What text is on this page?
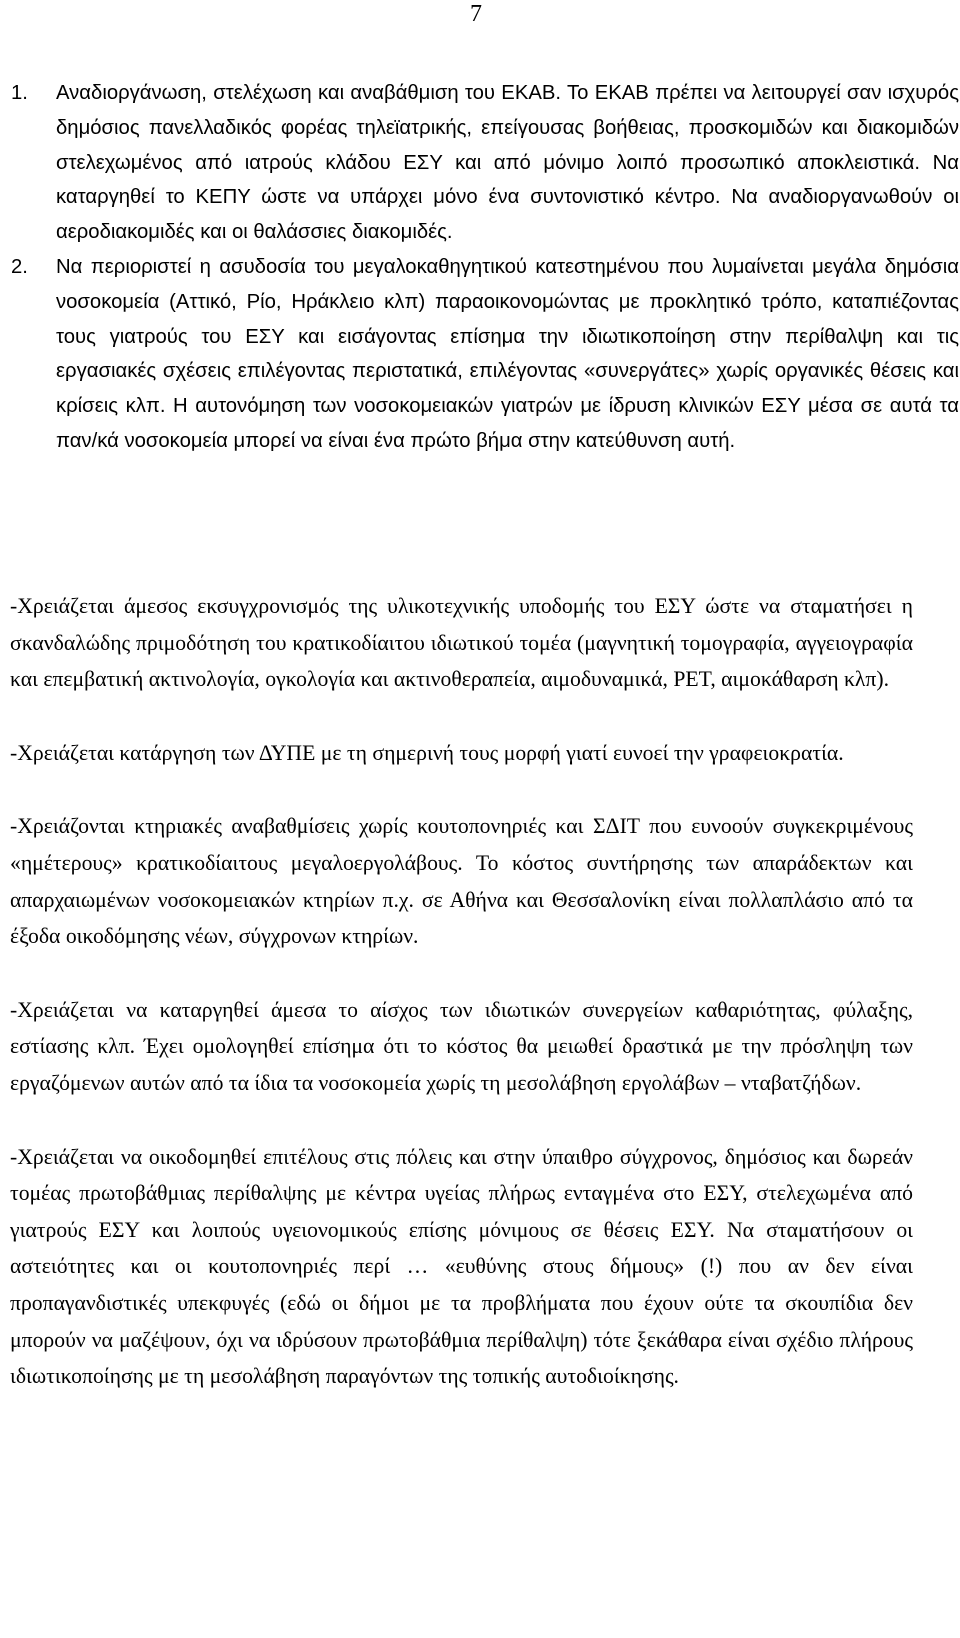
7
1. Αναδιοργάνωση, στελέχωση και αναβάθμιση του ΕΚΑΒ. Το ΕΚΑΒ πρέπει να λειτουργεί σαν ισχυρός δημόσιος πανελλαδικός φορέας τηλεϊατρικής, επείγουσας βοήθειας, προσκομιδών και διακομιδών στελεχωμένος από ιατρούς κλάδου ΕΣΥ και από μόνιμο λοιπό προσωπικό αποκλειστικά. Να καταργηθεί το ΚΕΠΥ ώστε να υπάρχει μόνο ένα συντονιστικό κέντρο. Να αναδιοργανωθούν οι αεροδιακομιδές και οι θαλάσσιες διακομιδές.
2. Να περιοριστεί η ασυδοσία του μεγαλοκαθηγητικού κατεστημένου που λυμαίνεται μεγάλα δημόσια νοσοκομεία (Αττικό, Ρίο, Ηράκλειο κλπ) παραοικονομώντας με προκλητικό τρόπο, καταπιέζοντας τους γιατρούς του ΕΣΥ και εισάγοντας επίσημα την ιδιωτικοποίηση στην περίθαλψη και τις εργασιακές σχέσεις επιλέγοντας περιστατικά, επιλέγοντας «συνεργάτες» χωρίς οργανικές θέσεις και κρίσεις κλπ. Η αυτονόμηση των νοσοκομειακών γιατρών με ίδρυση κλινικών ΕΣΥ μέσα σε αυτά τα παν/κά νοσοκομεία μπορεί να είναι ένα πρώτο βήμα στην κατεύθυνση αυτή.

-Χρειάζεται άμεσος εκσυγχρονισμός της υλικοτεχνικής υποδομής του ΕΣΥ ώστε να σταματήσει η σκανδαλώδης πριμοδότηση του κρατικοδίαιτου ιδιωτικού τομέα (μαγνητική τομογραφία, αγγειογραφία και επεμβατική ακτινολογία, ογκολογία και ακτινοθεραπεία, αιμοδυναμικά, PET, αιμοκάθαρση κλπ).

-Χρειάζεται κατάργηση των ΔΥΠΕ με τη σημερινή τους μορφή γιατί ευνοεί την γραφειοκρατία.

-Χρειάζονται κτηριακές αναβαθμίσεις χωρίς κουτοπονηριές και ΣΔΙΤ που ευνοούν συγκεκριμένους «ημέτερους» κρατικοδίαιτους μεγαλοεργολάβους. Το κόστος συντήρησης των απαράδεκτων και απαρχαιωμένων νοσοκομειακών κτηρίων π.χ. σε Αθήνα και Θεσσαλονίκη είναι πολλαπλάσιο από τα έξοδα οικοδόμησης νέων, σύγχρονων κτηρίων.

-Χρειάζεται να καταργηθεί άμεσα το αίσχος των ιδιωτικών συνεργείων καθαριότητας, φύλαξης, εστίασης κλπ. Έχει ομολογηθεί επίσημα ότι το κόστος θα μειωθεί δραστικά με την πρόσληψη των εργαζόμενων αυτών από τα ίδια τα νοσοκομεία χωρίς τη μεσολάβηση εργολάβων – νταβατζήδων.

-Χρειάζεται να οικοδομηθεί επιτέλους στις πόλεις και στην ύπαιθρο σύγχρονος, δημόσιος και δωρεάν τομέας πρωτοβάθμιας περίθαλψης με κέντρα υγείας πλήρως ενταγμένα στο ΕΣΥ, στελεχωμένα από γιατρούς ΕΣΥ και λοιπούς υγειονομικούς επίσης μόνιμους σε θέσεις ΕΣΥ. Να σταματήσουν οι αστειότητες και οι κουτοπονηριές περί … «ευθύνης στους δήμους» (!) που αν δεν είναι προπαγανδιστικές υπεκφυγές (εδώ οι δήμοι με τα προβλήματα που έχουν ούτε τα σκουπίδια δεν μπορούν να μαζέψουν, όχι να ιδρύσουν πρωτοβάθμια περίθαλψη) τότε ξεκάθαρα είναι σχέδιο πλήρους ιδιωτικοποίησης με τη μεσολάβηση παραγόντων της τοπικής αυτοδιοίκησης.
